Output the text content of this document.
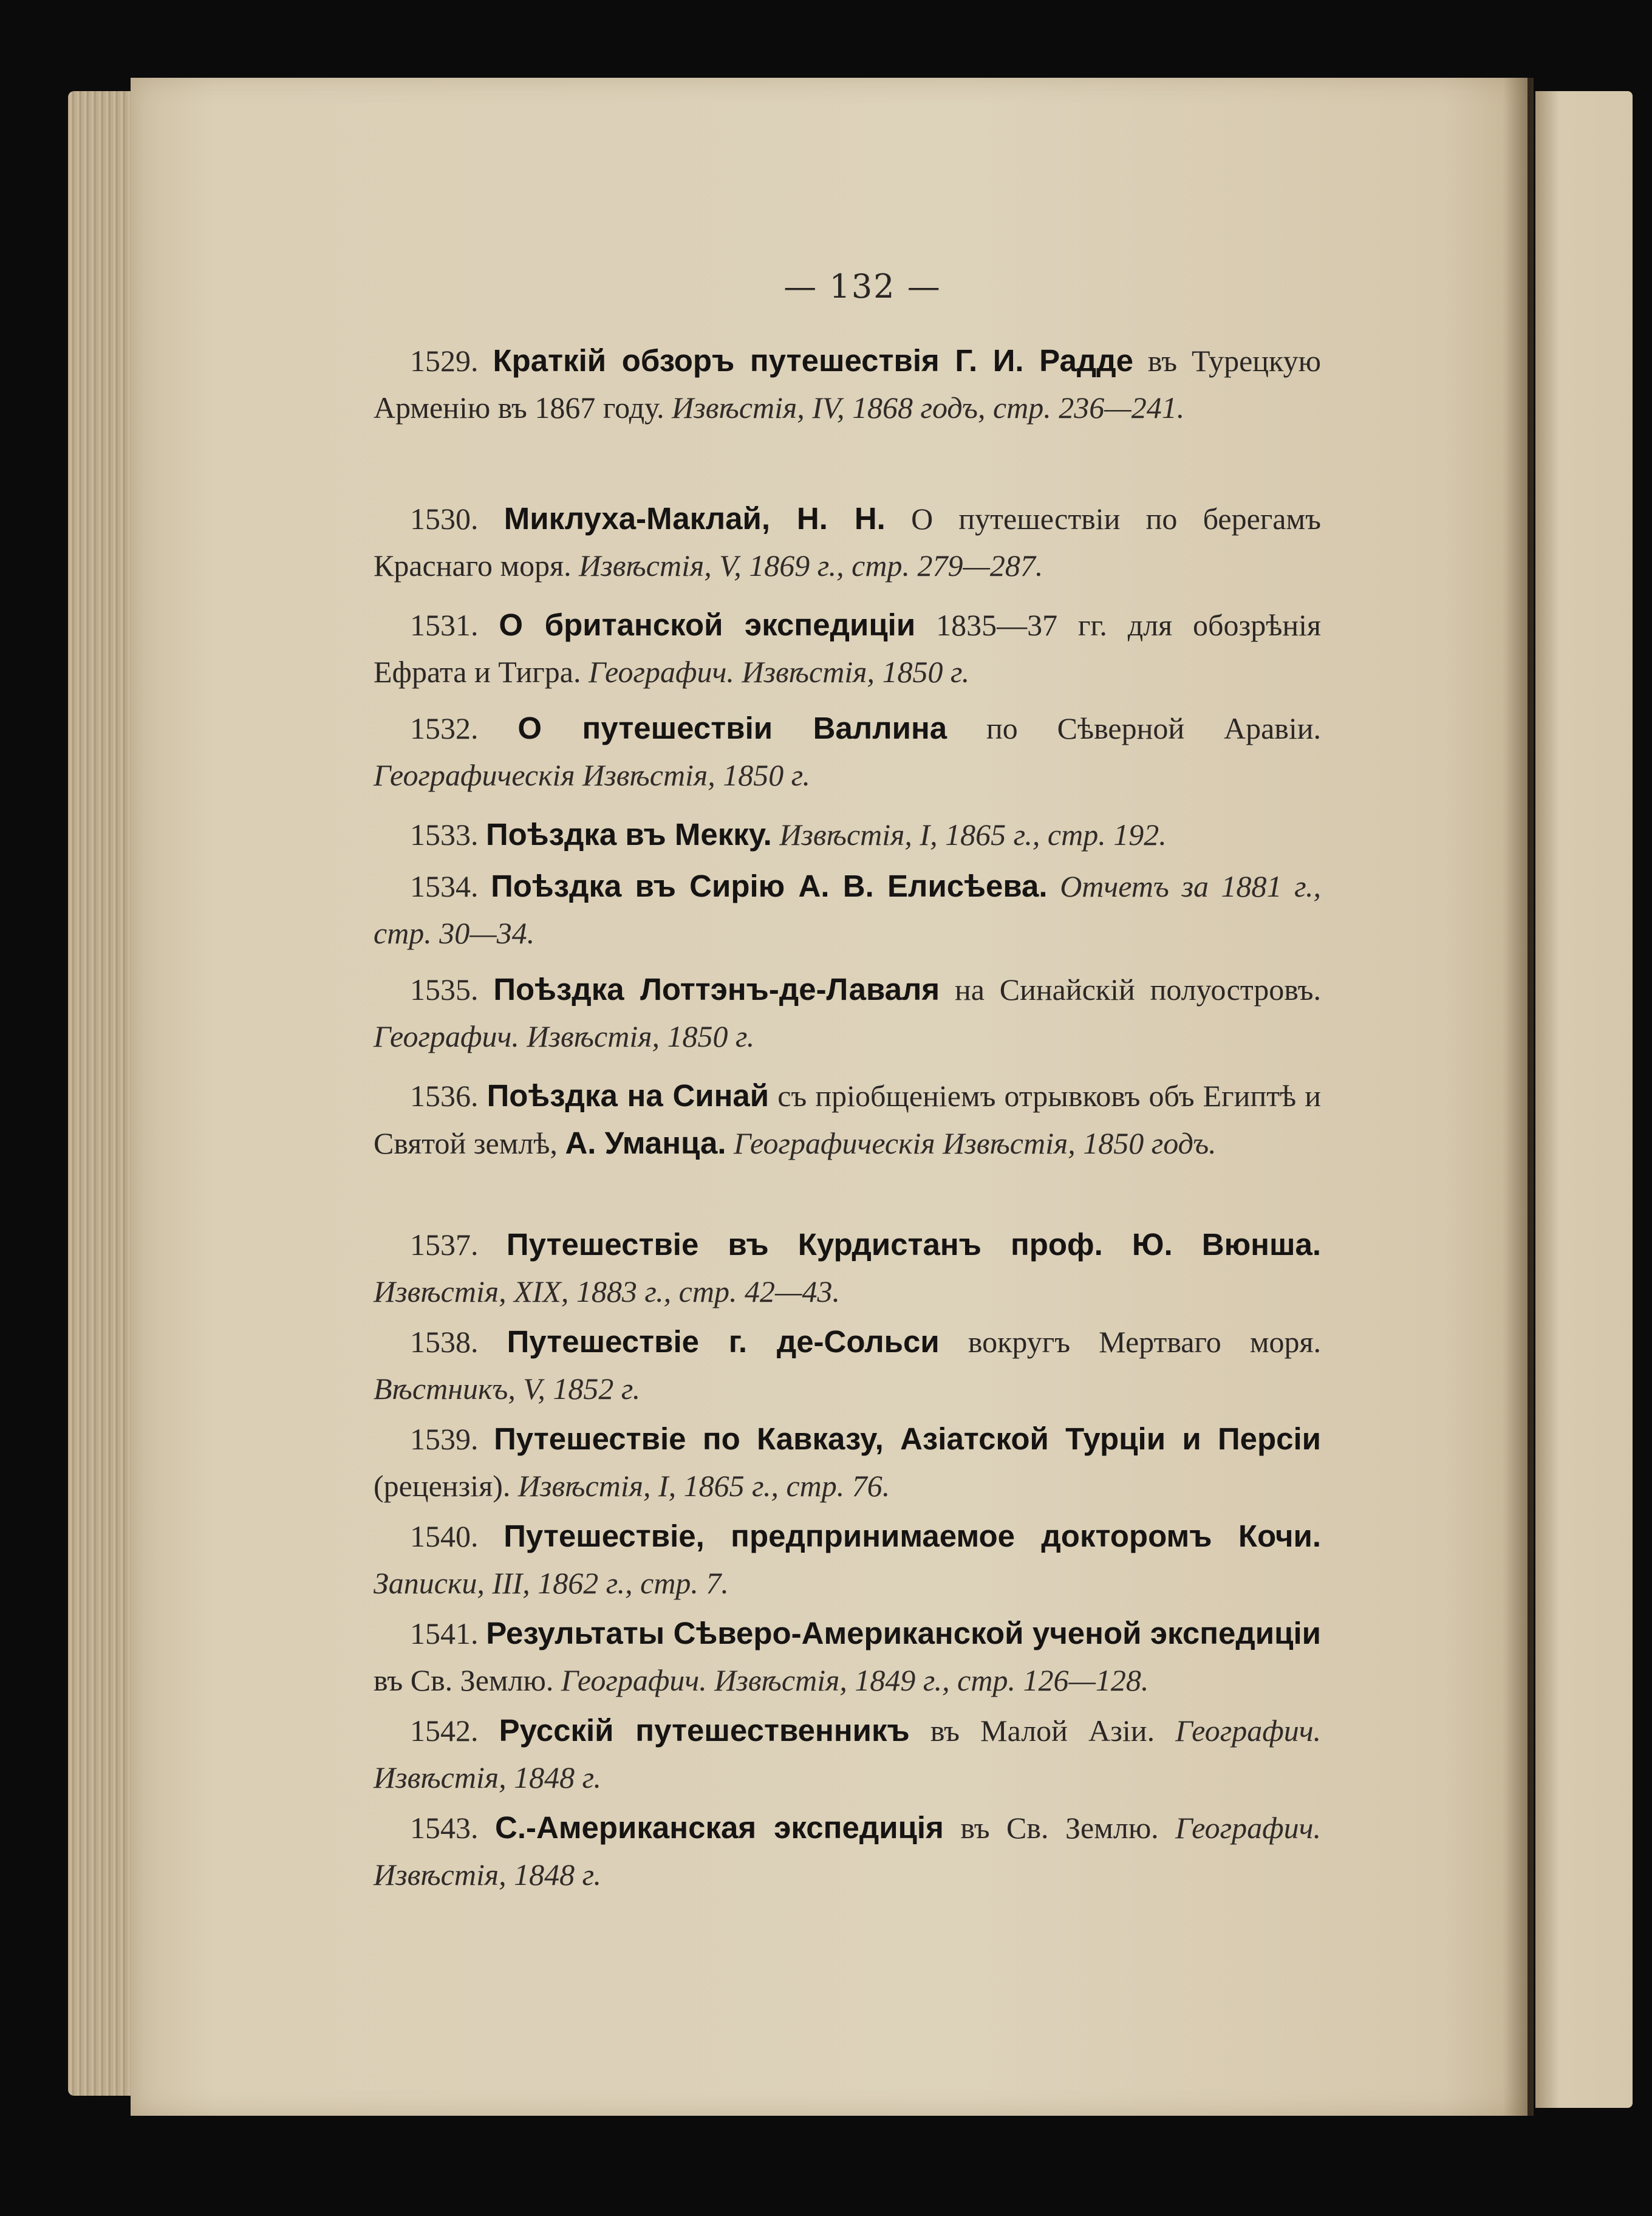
— 132 —
1529. Краткій обзоръ путешествія Г. И. Радде въ Турецкую Арменію въ 1867 году. Извѣстія, IV, 1868 годъ, стр. 236—241.
1530. Миклуха-Маклай, Н. Н. О путешествіи по берегамъ Краснаго моря. Извѣстія, V, 1869 г., стр. 279—287.
1531. О британской экспедиціи 1835—37 гг. для обозрѣнія Ефрата и Тигра. Географич. Извѣстія, 1850 г.
1532. О путешествіи Валлина по Сѣверной Аравіи. Географическія Извѣстія, 1850 г.
1533. Поѣздка въ Мекку. Извѣстія, I, 1865 г., стр. 192.
1534. Поѣздка въ Сирію А. В. Елисѣева. Отчетъ за 1881 г., стр. 30—34.
1535. Поѣздка Лоттэнъ-де-Лаваля на Синайскій полуостровъ. Географич. Извѣстія, 1850 г.
1536. Поѣздка на Синай съ пріобщеніемъ отрывковъ объ Египтѣ и Святой землѣ, А. Уманца. Географическія Извѣстія, 1850 годъ.
1537. Путешествіе въ Курдистанъ проф. Ю. Вюнша. Извѣстія, XIX, 1883 г., стр. 42—43.
1538. Путешествіе г. де-Сольси вокругъ Мертваго моря. Вѣстникъ, V, 1852 г.
1539. Путешествіе по Кавказу, Азіатской Турціи и Персіи (рецензія). Извѣстія, I, 1865 г., стр. 76.
1540. Путешествіе, предпринимаемое докторомъ Кочи. Записки, III, 1862 г., стр. 7.
1541. Результаты Сѣверо-Американской ученой экспедиціи въ Св. Землю. Географич. Извѣстія, 1849 г., стр. 126—128.
1542. Русскій путешественникъ въ Малой Азіи. Географич. Извѣстія, 1848 г.
1543. С.-Американская экспедиція въ Св. Землю. Географич. Извѣстія, 1848 г.
